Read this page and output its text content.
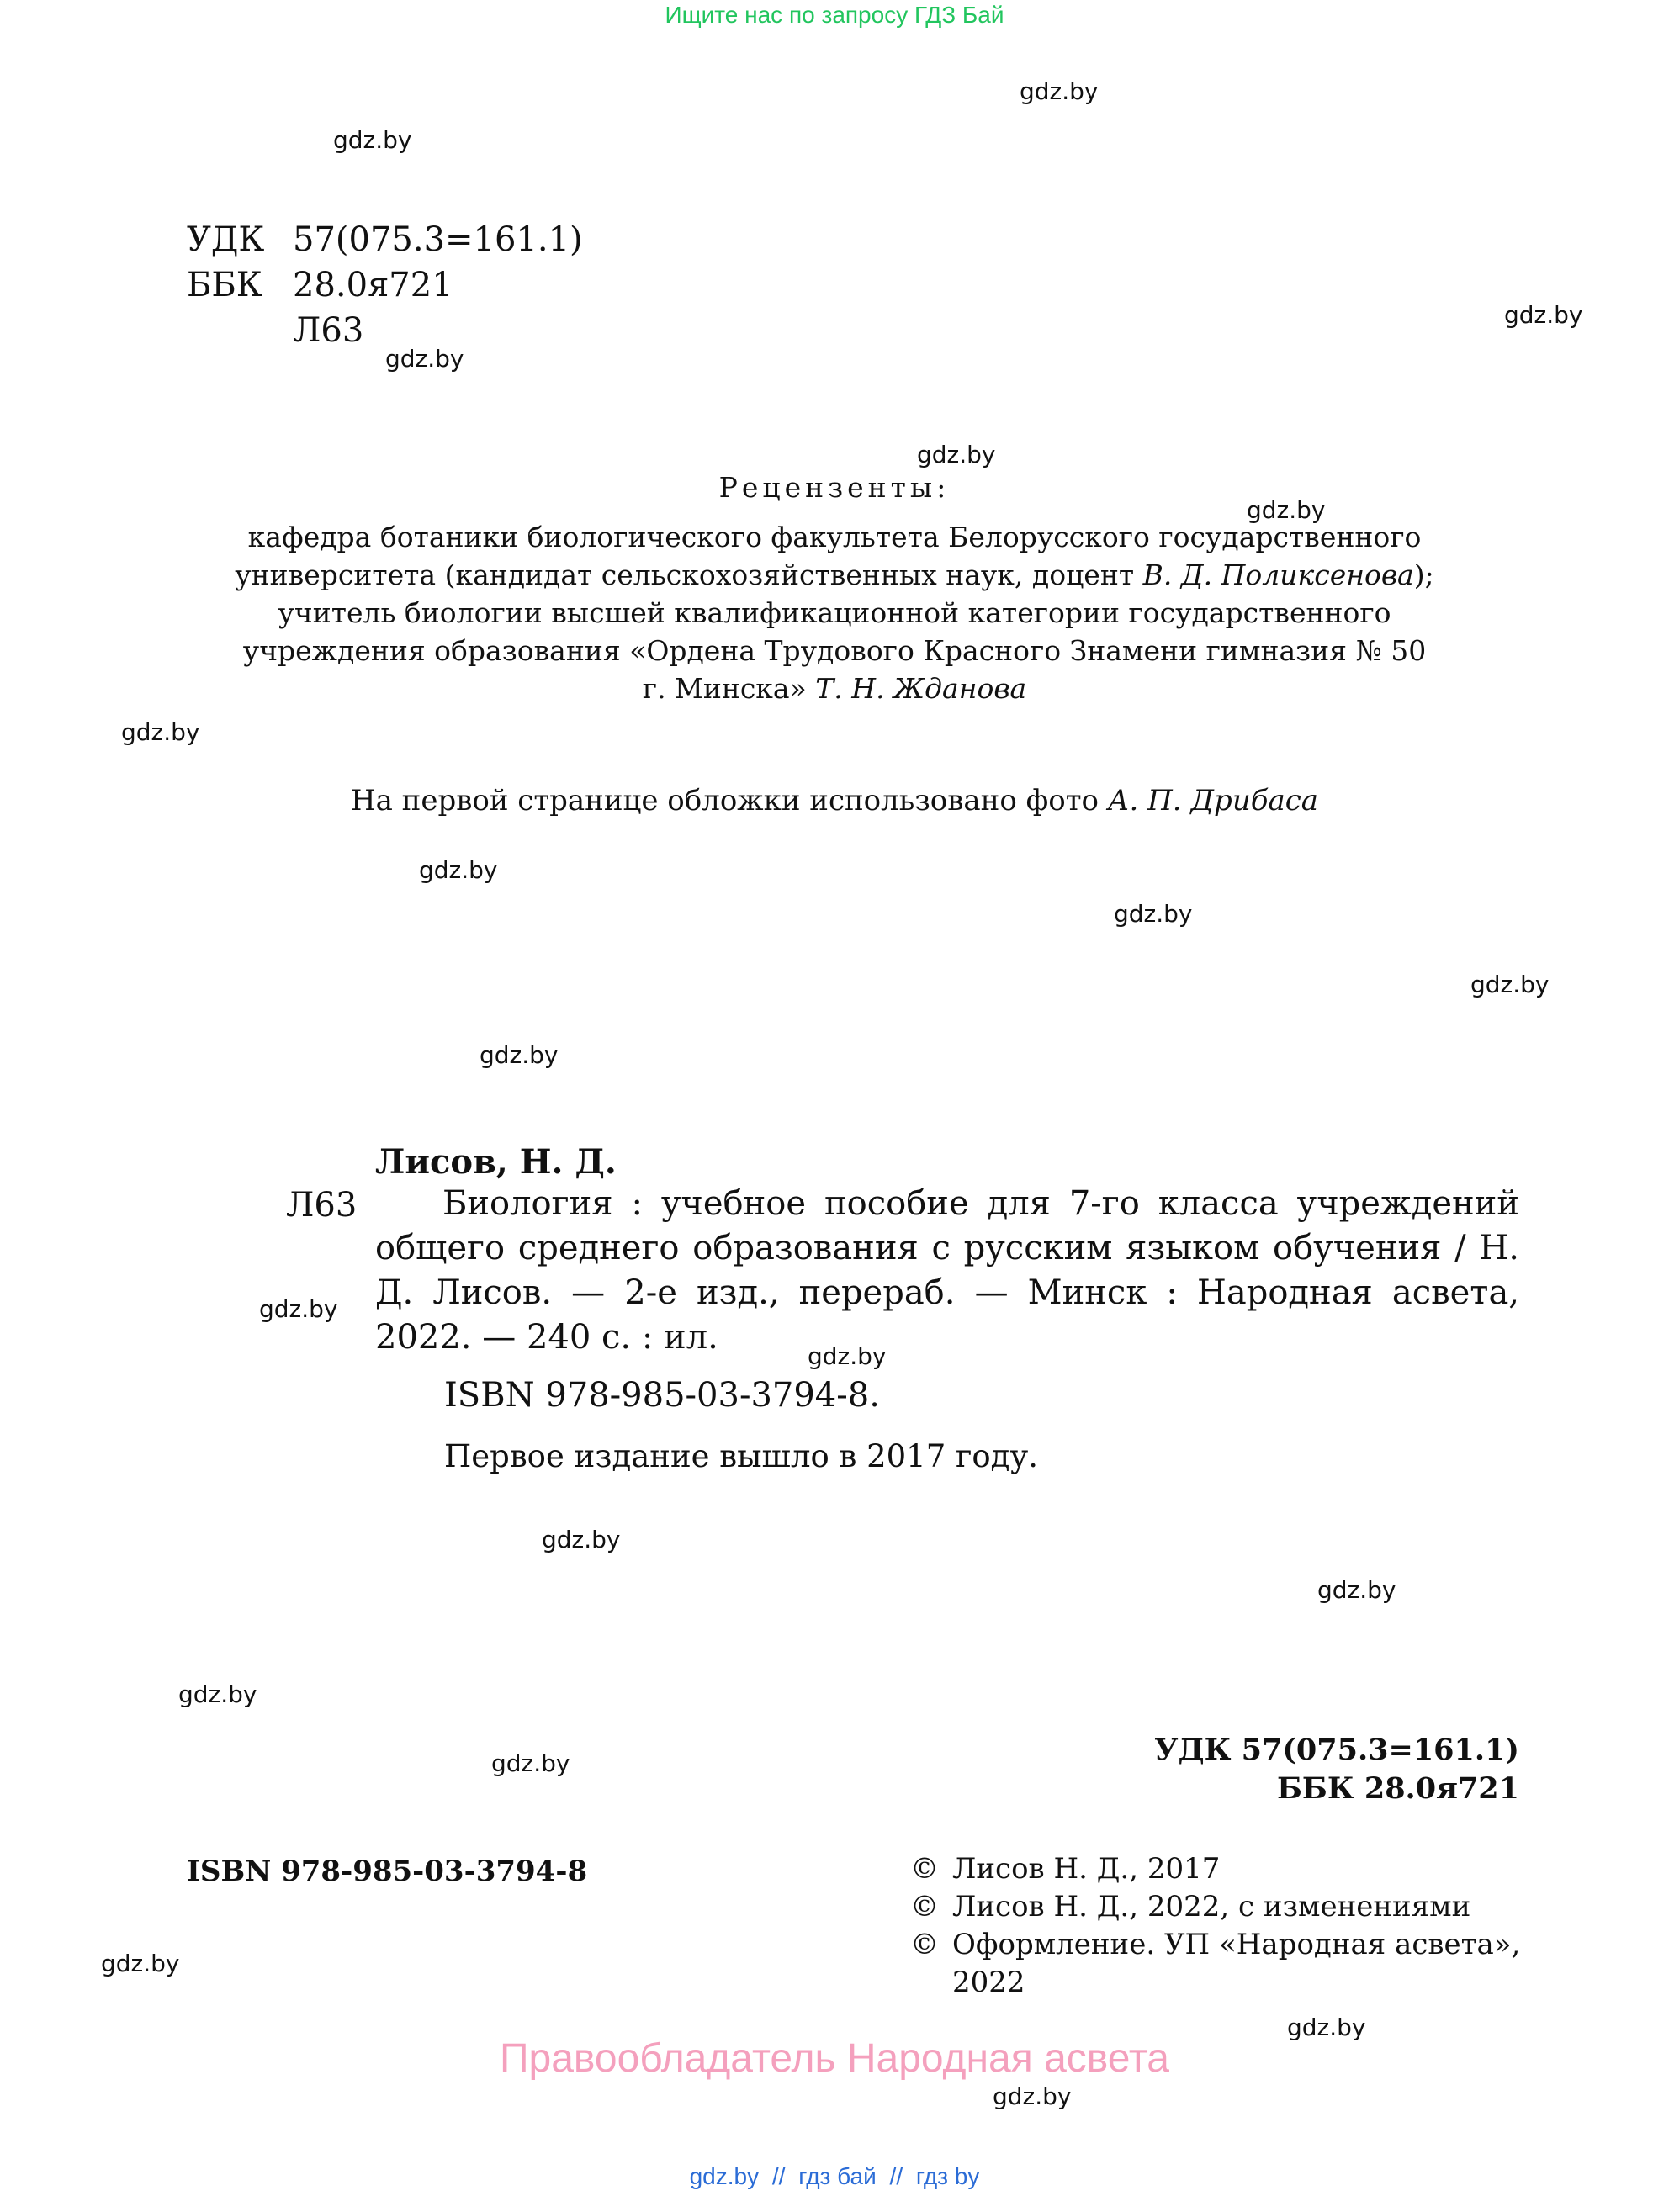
Ищите нас по запросу ГДЗ Бай
gdz.by
gdz.by
gdz.by
gdz.by
gdz.by
gdz.by
gdz.by
gdz.by
gdz.by
gdz.by
gdz.by
gdz.by
gdz.by
gdz.by
gdz.by
gdz.by
gdz.by
gdz.by
gdz.by
gdz.by
УДК 57(075.3=161.1)
ББК 28.0я721
Л63
Рецензенты:
кафедра ботаники биологического факультета Белорусского государственного
университета (кандидат сельскохозяйственных наук, доцент В. Д. Поликсенова);
учитель биологии высшей квалификационной категории государственного
учреждения образования «Ордена Трудового Красного Знамени гимназия № 50
г. Минска» Т. Н. Жданова
На первой странице обложки использовано фото А. П. Дрибаса
Лисов, Н. Д.
Л63	Биология : учебное пособие для 7-го класса учреждений общего среднего образования с русским языком обучения / Н. Д. Лисов. — 2-е изд., перераб. — Минск : Народная асвета, 2022. — 240 с. : ил.
ISBN 978-985-03-3794-8.
Первое издание вышло в 2017 году.
УДК 57(075.3=161.1)
ББК 28.0я721
ISBN 978-985-03-3794-8	© Лисов Н. Д., 2017
© Лисов Н. Д., 2022, с изменениями
© Оформление. УП «Народная асвета»,
2022
Правообладатель Народная асвета
gdz.by // гдз бай // гдз by
